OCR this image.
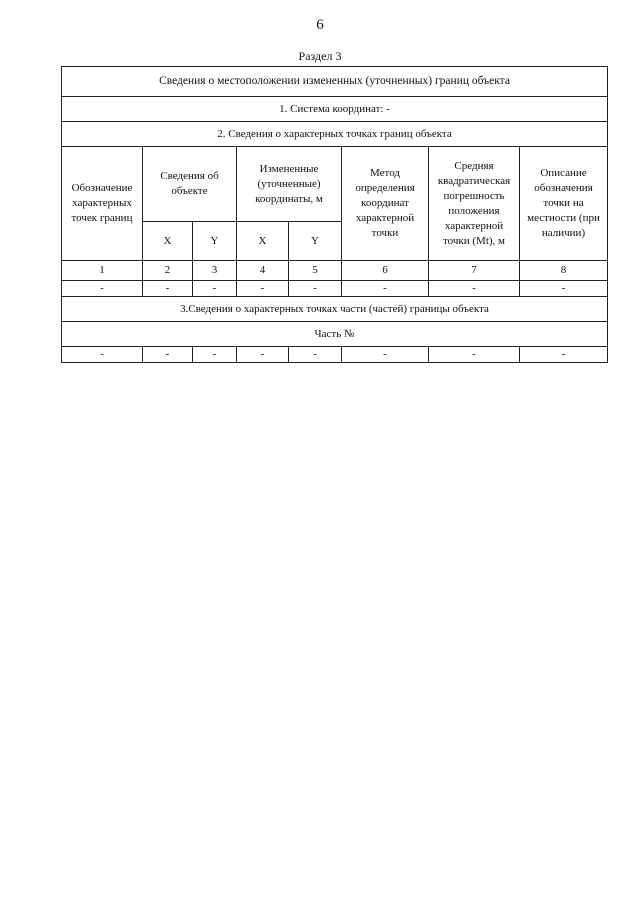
6
Раздел 3
Сведения о местоположении измененных (уточненных) границ объекта							
1. Система координат: -							
2. Сведения о характерных точках границ объекта							
Обозначение характерных точек границ	Сведения об объекте		Измененные (уточненные) координаты, м		Метод определения координат характерной точки	Средняя квадратическая погрешность положения характерной точки (Mt), м	Описание обозначения точки на местности (при наличии)
	X	Y	X	Y			
1	2	3	4	5	6	7	8
-	-	-	-	-	-	-	-
3.Сведения о характерных точках части (частей) границы объекта							
Часть №							
-	-	-	-	-	-	-	-
